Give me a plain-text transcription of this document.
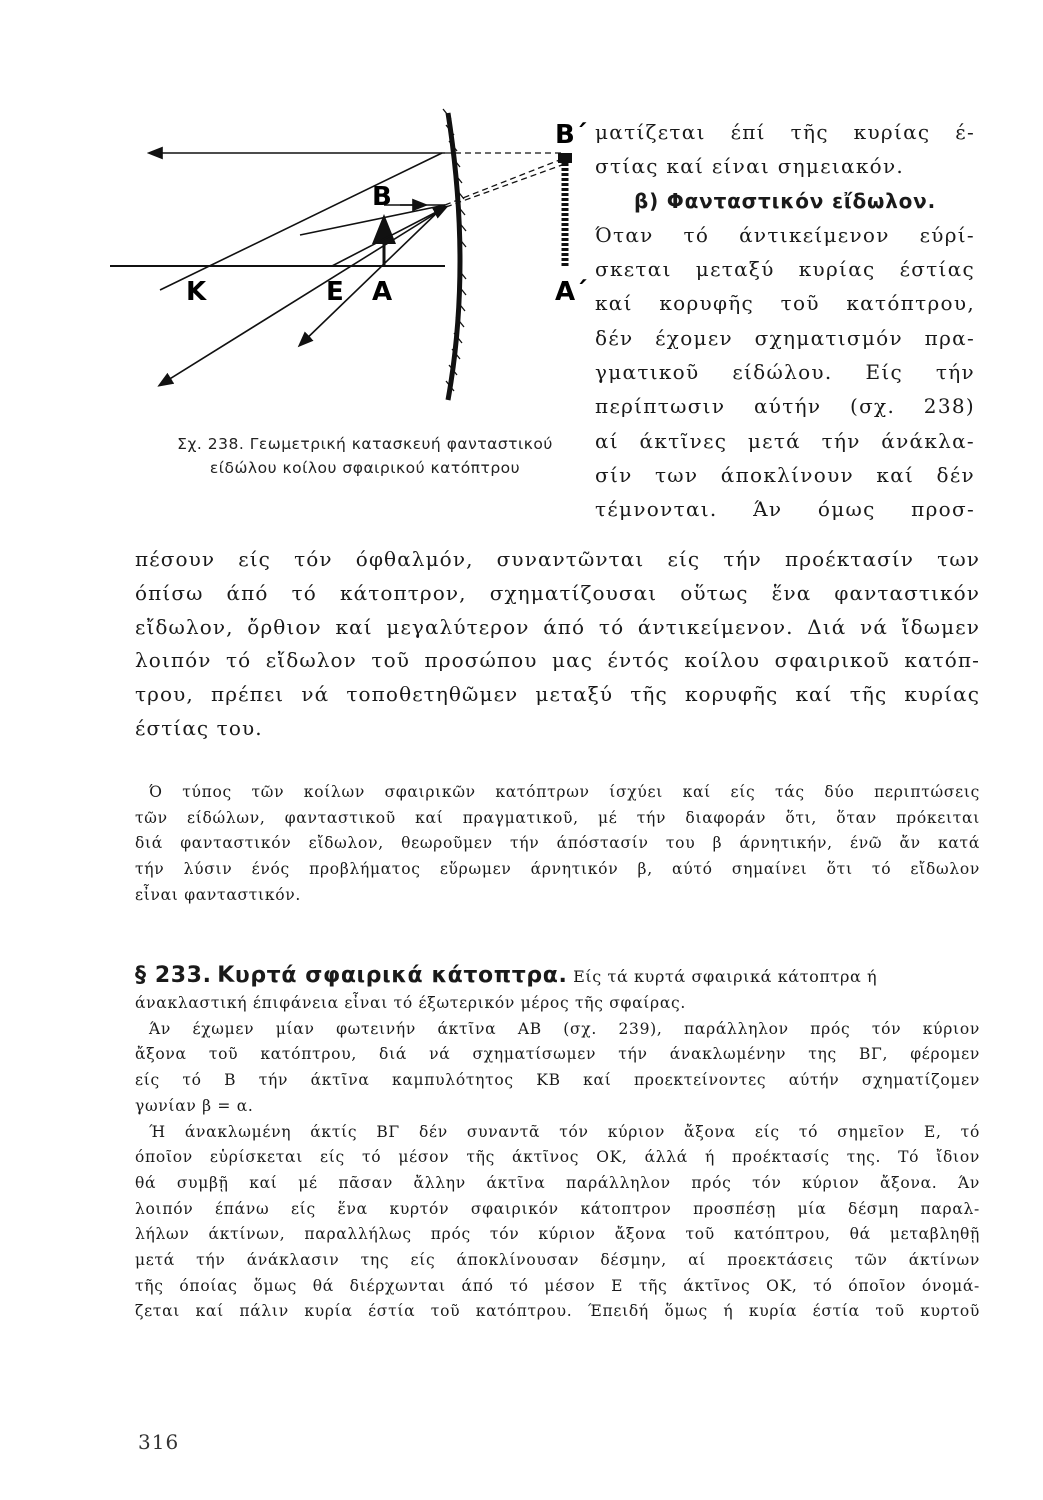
B΄
B
K	E A	A΄
Σχ. 238. Γεωμετρική κατασκευή φανταστικού
είδώλου κοίλου σφαιρικού κατόπτρου
ματίζεται έπί τῆς κυρίας έ-
στίας καί είναι σημειακόν.
β) Φανταστικόν εἴδωλον.
Όταν τό άντικείμενον εύρί-
σκεται μεταξύ κυρίας έστίας
καί κορυφῆς τοῦ κατόπτρου,
δέν έχομεν σχηματισμόν πρα-
γματικοῦ είδώλου. Είς τήν
περίπτωσιν αύτήν (σχ. 238)
αί άκτῖνες μετά τήν άνάκλα-
σίν των άποκλίνουν καί δέν
τέμνονται. Άν όμως προσ-
πέσουν είς τόν όφθαλμόν, συναντῶνται είς τήν προέκτασίν των
όπίσω άπό τό κάτοπτρον, σχηματίζουσαι οὕτως ἕνα φανταστικόν
εἴδωλον, ὄρθιον καί μεγαλύτερον άπό τό άντικείμενον. Διά νά ἴδωμεν
λοιπόν τό εἴδωλον τοῦ προσώπου μας έντός κοίλου σφαιρικοῦ κατόπ-
τρου, πρέπει νά τοποθετηθῶμεν μεταξύ τῆς κορυφῆς καί τῆς κυρίας
έστίας του.
Ό τύπος τῶν κοίλων σφαιρικῶν κατόπτρων ίσχύει καί είς τάς δύο περιπτώσεις
τῶν είδώλων, φανταστικοῦ καί πραγματικοῦ, μέ τήν διαφοράν ὅτι, ὅταν πρόκειται
διά φανταστικόν εἴδωλον, θεωροῦμεν τήν άπόστασίν του β άρνητικήν, ένῶ ἄν κατά
τήν λύσιν ένός προβλήματος εὕρωμεν άρνητικόν β, αύτό σημαίνει ὅτι τό εἴδωλον
εἶναι φανταστικόν.
§ 233. Κυρτά σφαιρικά κάτοπτρα. Είς τά κυρτά σφαιρικά κάτοπτρα ή
άνακλαστική έπιφάνεια εἶναι τό έξωτερικόν μέρος τῆς σφαίρας.
Άν έχωμεν μίαν φωτεινήν άκτῖνα ΑΒ (σχ. 239), παράλληλον πρός τόν κύριον
ἄξονα τοῦ κατόπτρου, διά νά σχηματίσωμεν τήν άνακλωμένην της ΒΓ, φέρομεν
είς τό Β τήν άκτῖνα καμπυλότητος ΚΒ καί προεκτείνοντες αύτήν σχηματίζομεν
γωνίαν β = α.
Ή άνακλωμένη άκτίς ΒΓ δέν συναντᾶ τόν κύριον ἄξονα είς τό σημεῖον Ε, τό
όποῖον εὑρίσκεται είς τό μέσον τῆς άκτῖνος ΟΚ, άλλά ή προέκτασίς της. Τό ἴδιον
θά συμβῇ καί μέ πᾶσαν ἄλλην άκτῖνα παράλληλον πρός τόν κύριον ἄξονα. Άν
λοιπόν έπάνω είς ἕνα κυρτόν σφαιρικόν κάτοπτρον προσπέσῃ μία δέσμη παραλ-
λήλων άκτίνων, παραλλήλως πρός τόν κύριον ἄξονα τοῦ κατόπτρου, θά μεταβληθῇ
μετά τήν άνάκλασιν της είς άποκλίνουσαν δέσμην, αί προεκτάσεις τῶν άκτίνων
τῆς όποίας ὅμως θά διέρχωνται άπό τό μέσον Ε τῆς άκτῖνος ΟΚ, τό όποῖον όνομά-
ζεται καί πάλιν κυρία έστία τοῦ κατόπτρου. Έπειδή ὅμως ή κυρία έστία τοῦ κυρτοῦ
316
